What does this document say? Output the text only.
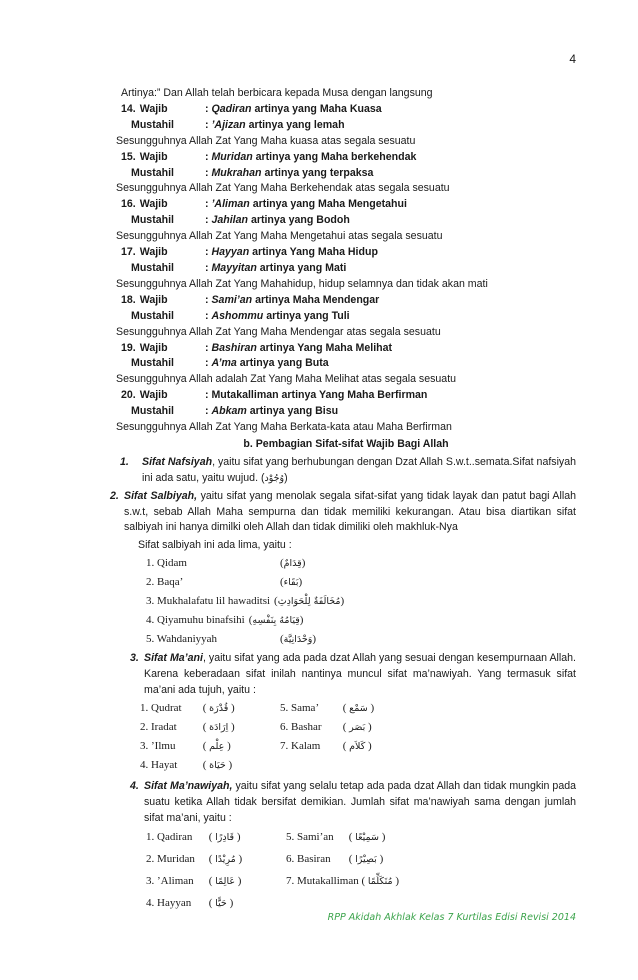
4
Artinya:” Dan Allah telah berbicara kepada Musa dengan langsung
14. Wajib	: Qadiran artinya yang Maha Kuasa
Mustahil	: ’Ajizan artinya yang lemah
Sesungguhnya Allah Zat Yang Maha kuasa atas segala sesuatu
15. Wajib	: Muridan artinya yang Maha berkehendak
Mustahil	: Mukrahan artinya yang terpaksa
Sesungguhnya Allah Zat Yang Maha Berkehendak atas segala sesuatu
16. Wajib	: ’Aliman artinya yang Maha Mengetahui
Mustahil	: Jahilan artinya yang Bodoh
Sesungguhnya Allah Zat Yang Maha Mengetahui atas segala sesuatu
17. Wajib	: Hayyan artinya Yang Maha Hidup
Mustahil	: Mayyitan artinya yang Mati
Sesungguhnya Allah Zat Yang Mahahidup, hidup selamnya dan tidak akan mati
18. Wajib	: Sami’an artinya Maha Mendengar
Mustahil	: Ashommu artinya yang Tuli
Sesungguhnya Allah Zat Yang Maha Mendengar atas segala sesuatu
19. Wajib	: Bashiran artinya Yang Maha Melihat
Mustahil	: A’ma artinya yang Buta
Sesungguhnya Allah adalah Zat Yang Maha Melihat atas segala sesuatu
20. Wajib	: Mutakalliman artinya Yang Maha Berfirman
Mustahil	: Abkam artinya yang Bisu
Sesungguhnya Allah Zat Yang Maha Berkata-kata atau Maha Berfirman
b. Pembagian Sifat-sifat Wajib Bagi Allah
1.	Sifat Nafsiyah, yaitu sifat yang berhubungan dengan Dzat Allah S.w.t..semata.Sifat nafsiyah ini ada satu, yaitu wujud. (وُجُوْد)
2. Sifat Salbiyah, yaitu sifat yang menolak segala sifat-sifat yang tidak layak dan patut bagi Allah s.w.t, sebab Allah Maha sempurna dan tidak memiliki kekurangan. Atau bisa diartikan sifat salbiyah ini hanya dimilki oleh Allah dan tidak dimiliki oleh makhluk-Nya
Sifat salbiyah ini ada lima, yaitu :
1. Qidam	( قِدَامٌ )
2. Baqa’	( بَقَاء )
3. Mukhalafatu lil hawaditsi ( مُخَالَفَةٌ لِلْحَوَادِثِ )
4. Qiyamuhu binafsihi ( قِيَامُهُ بِنَفْسِهِ )
5. Wahdaniyyah	( وَحْدَانِيَّة )
3. Sifat Ma’ani, yaitu sifat yang ada pada dzat Allah yang sesuai dengan kesempurnaan Allah. Karena keberadaan sifat inilah nantinya muncul sifat ma’nawiyah. Yang termasuk sifat ma’ani ada tujuh, yaitu :
1. Qudrat ( قُدْرَة )	5. Sama’ ( سَمْع )
2. Iradat ( اِرَادَة )	6. Bashar ( بَصَر )
3. ’Ilmu ( عِلْم )	7. Kalam ( كَلاَم )
4. Hayat ( حَيَاة )
4. Sifat Ma’nawiyah, yaitu sifat yang selalu tetap ada pada dzat Allah dan tidak mungkin pada suatu ketika Allah tidak bersifat demikian. Jumlah sifat ma’nawiyah sama dengan jumlah sifat ma’ani, yaitu :
1. Qadiran ( قَادِرًا )	5. Sami’an ( سَمِيْعًا )
2. Muridan ( مُرِيْدًا )	6. Basiran ( بَصِيْرًا )
3. ’Aliman ( عَالِمًا )	7. Mutakalliman ( مُتَكَلِّمًا )
4. Hayyan ( حَيًّا )
RPP Akidah Akhlak Kelas 7 Kurtilas Edisi Revisi 2014
